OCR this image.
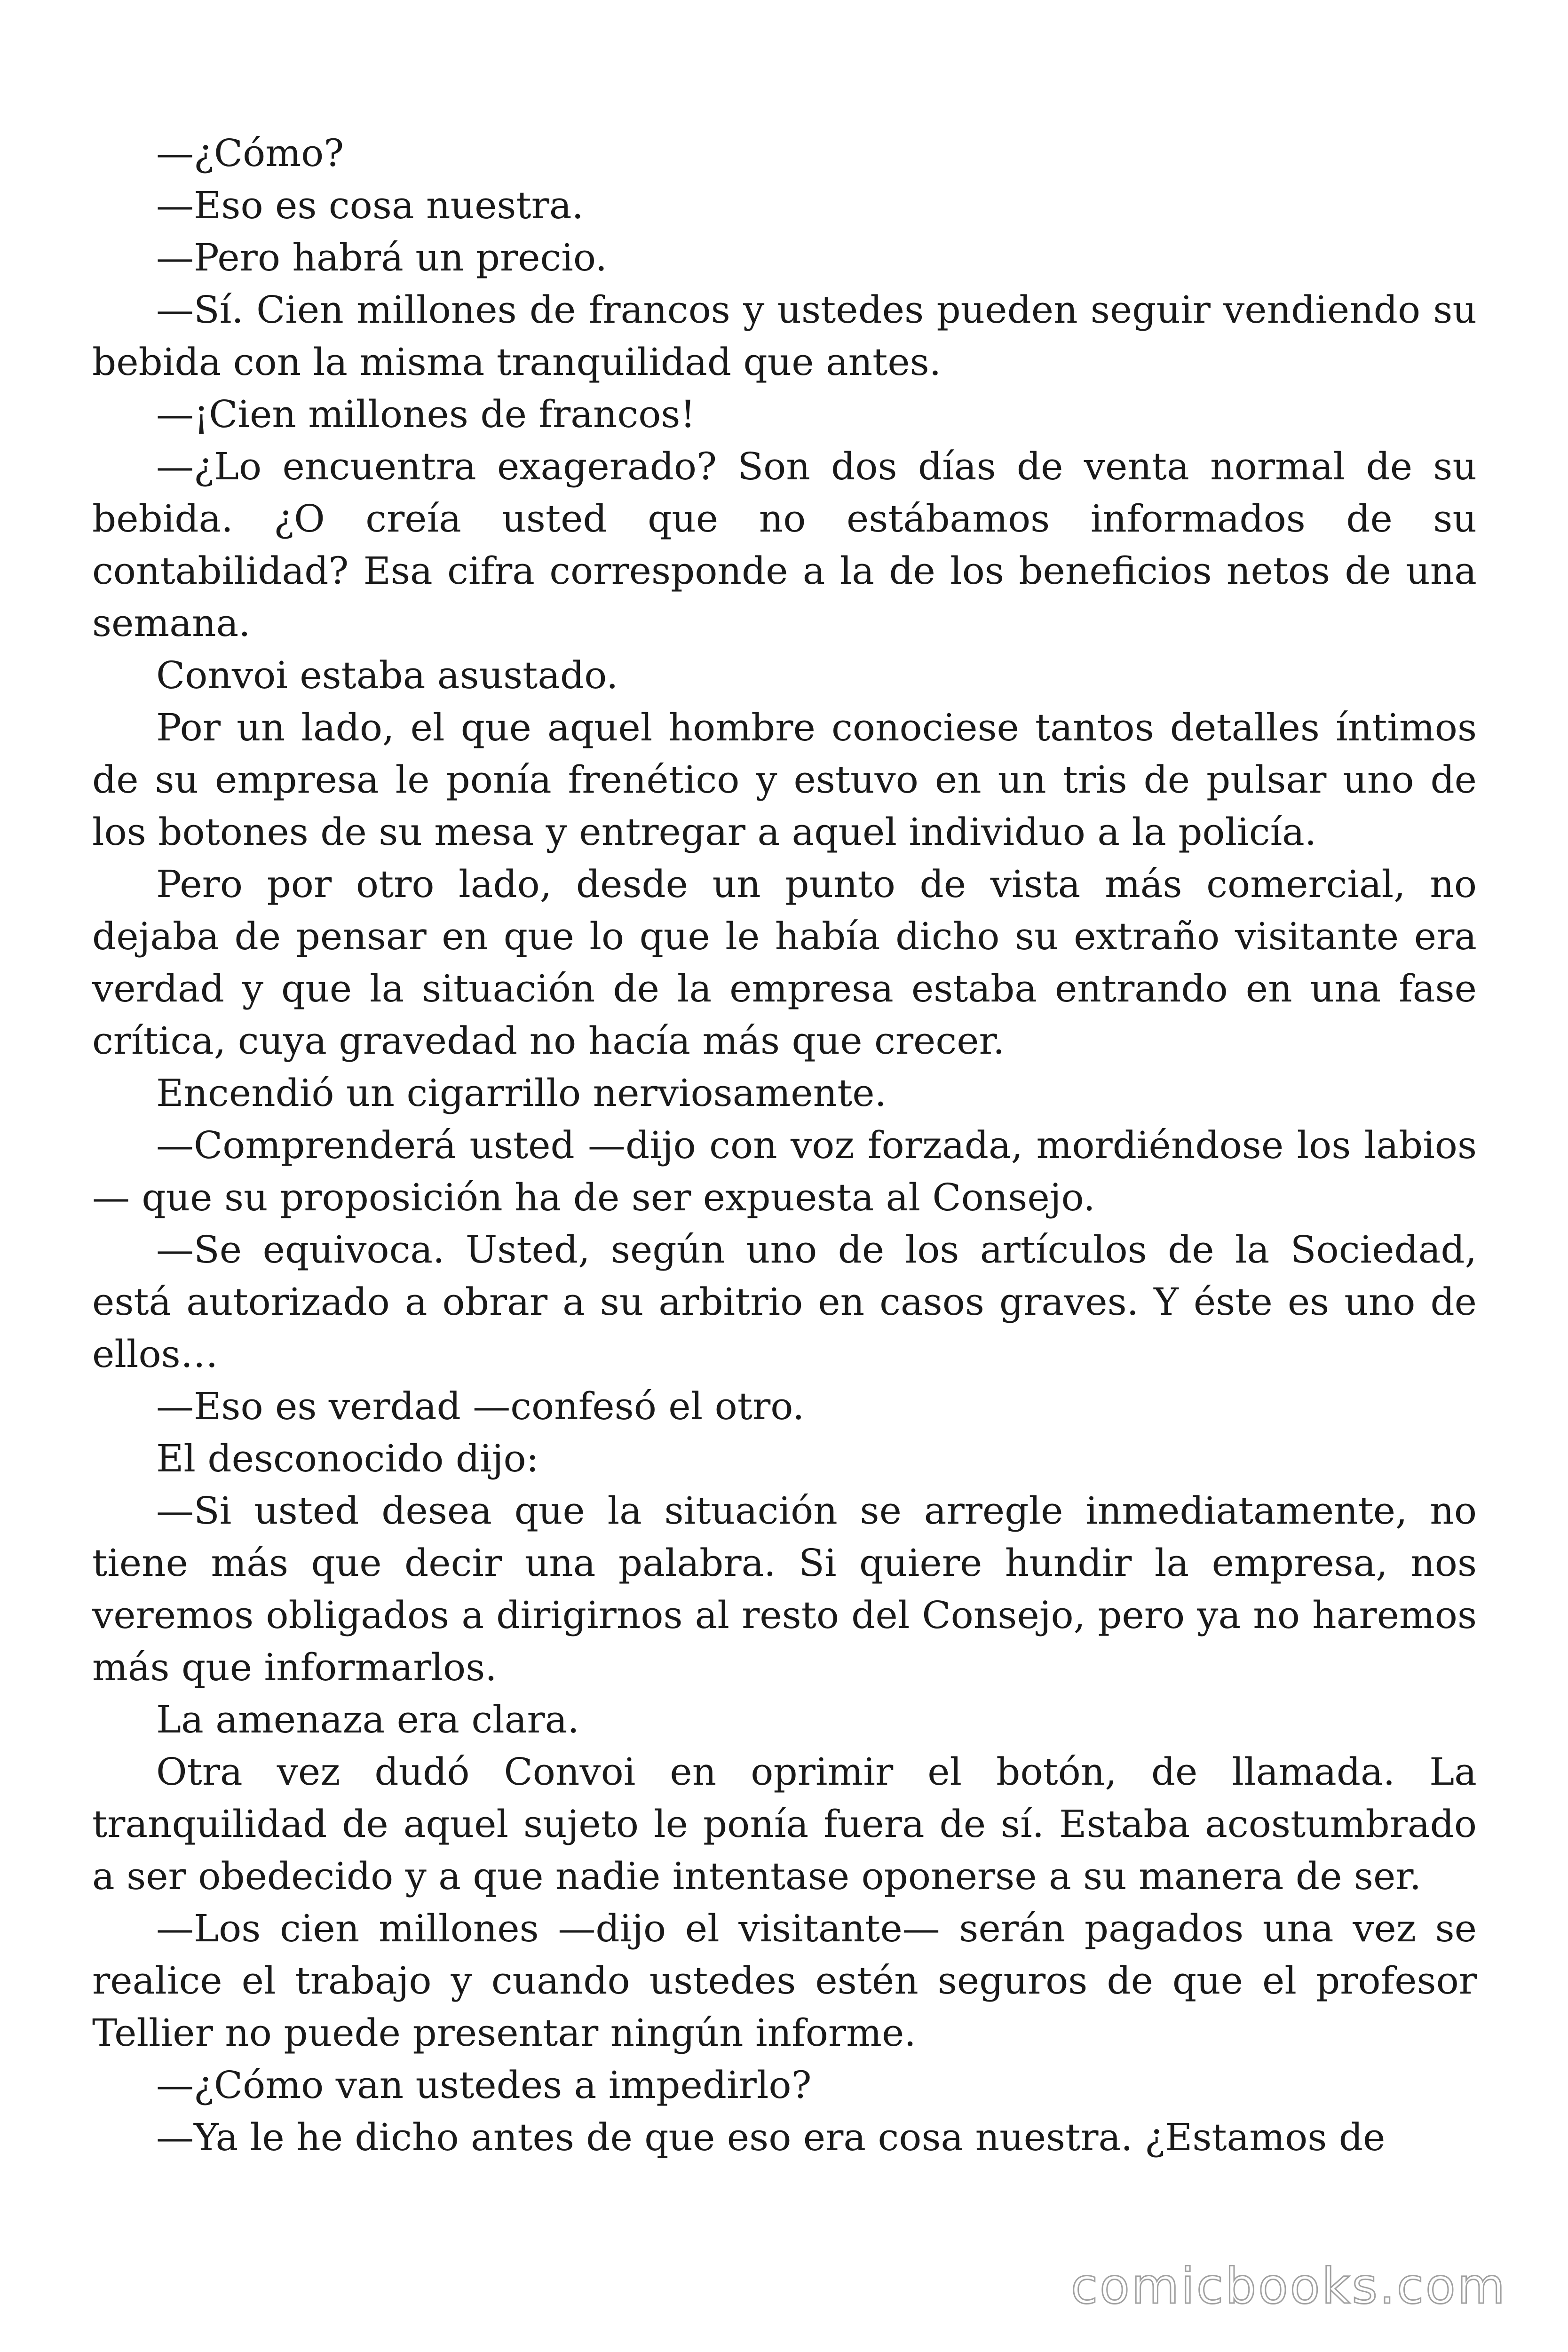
—¿Cómo?

—Eso es cosa nuestra.

—Pero habrá un precio.

—Sí. Cien millones de francos y ustedes pueden seguir vendiendo su bebida con la misma tranquilidad que antes.

—¡Cien millones de francos!

—¿Lo encuentra exagerado? Son dos días de venta normal de su bebida. ¿O creía usted que no estábamos informados de su contabilidad? Esa cifra corresponde a la de los beneficios netos de una semana.

Convoi estaba asustado.

Por un lado, el que aquel hombre conociese tantos detalles íntimos de su empresa le ponía frenético y estuvo en un tris de pulsar uno de los botones de su mesa y entregar a aquel individuo a la policía.

Pero por otro lado, desde un punto de vista más comercial, no dejaba de pensar en que lo que le había dicho su extraño visitante era verdad y que la situación de la empresa estaba entrando en una fase crítica, cuya gravedad no hacía más que crecer.

Encendió un cigarrillo nerviosamente.

—Comprenderá usted —dijo con voz forzada, mordiéndose los labios — que su proposición ha de ser expuesta al Consejo.

—Se equivoca. Usted, según uno de los artículos de la Sociedad, está autorizado a obrar a su arbitrio en casos graves. Y éste es uno de ellos…

—Eso es verdad —confesó el otro.

El desconocido dijo:

—Si usted desea que la situación se arregle inmediatamente, no tiene más que decir una palabra. Si quiere hundir la empresa, nos veremos obligados a dirigirnos al resto del Consejo, pero ya no haremos más que informarlos.

La amenaza era clara.

Otra vez dudó Convoi en oprimir el botón, de llamada. La tranquilidad de aquel sujeto le ponía fuera de sí. Estaba acostumbrado a ser obedecido y a que nadie intentase oponerse a su manera de ser.

—Los cien millones —dijo el visitante— serán pagados una vez se realice el trabajo y cuando ustedes estén seguros de que el profesor Tellier no puede presentar ningún informe.

—¿Cómo van ustedes a impedirlo?

—Ya le he dicho antes de que eso era cosa nuestra. ¿Estamos de

comicbooks.com
